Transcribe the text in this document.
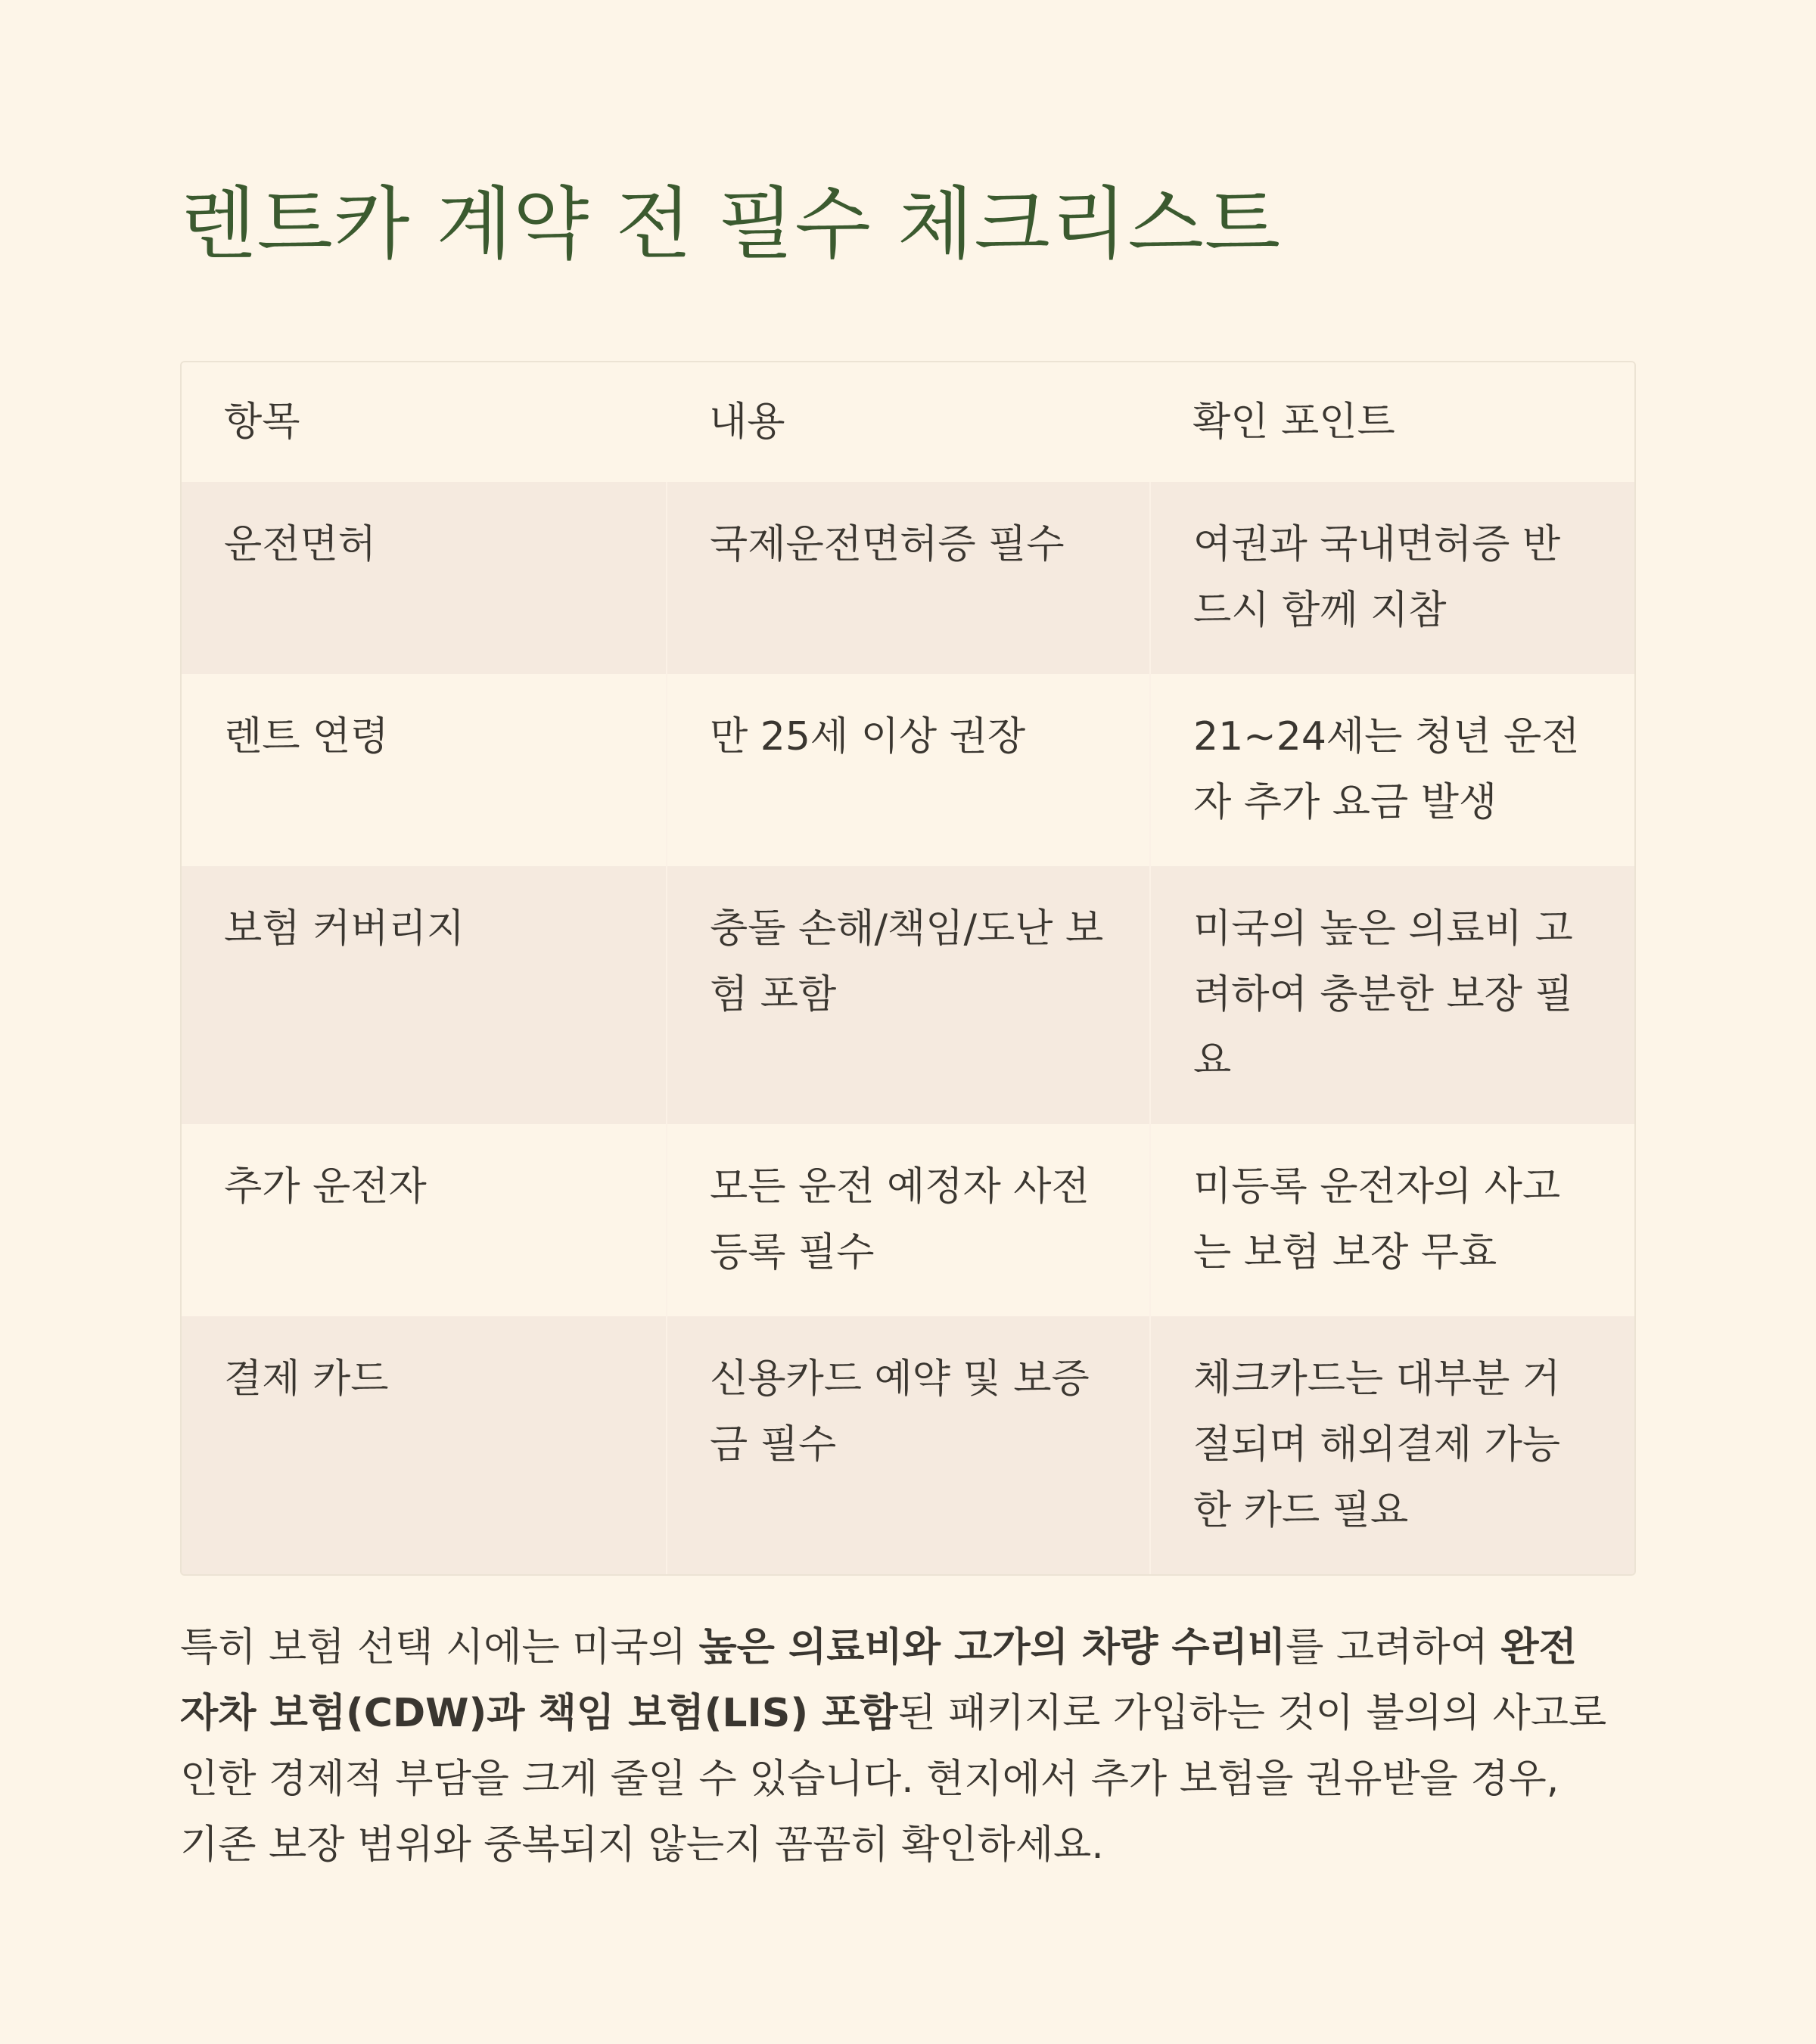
렌트카 계약 전 필수 체크리스트
항목	내용	확인 포인트
운전면허	국제운전면허증 필수	여권과 국내면허증 반드시 함께 지참
렌트 연령	만 25세 이상 권장	21~24세는 청년 운전자 추가 요금 발생
보험 커버리지	충돌 손해/책임/도난 보험 포함	미국의 높은 의료비 고려하여 충분한 보장 필요
추가 운전자	모든 운전 예정자 사전 등록 필수	미등록 운전자의 사고는 보험 보장 무효
결제 카드	신용카드 예약 및 보증금 필수	체크카드는 대부분 거절되며 해외결제 가능한 카드 필요

특히 보험 선택 시에는 미국의 높은 의료비와 고가의 차량 수리비를 고려하여 완전 자차 보험(CDW)과 책임 보험(LIS) 포함된 패키지로 가입하는 것이 불의의 사고로 인한 경제적 부담을 크게 줄일 수 있습니다. 현지에서 추가 보험을 권유받을 경우, 기존 보장 범위와 중복되지 않는지 꼼꼼히 확인하세요.
